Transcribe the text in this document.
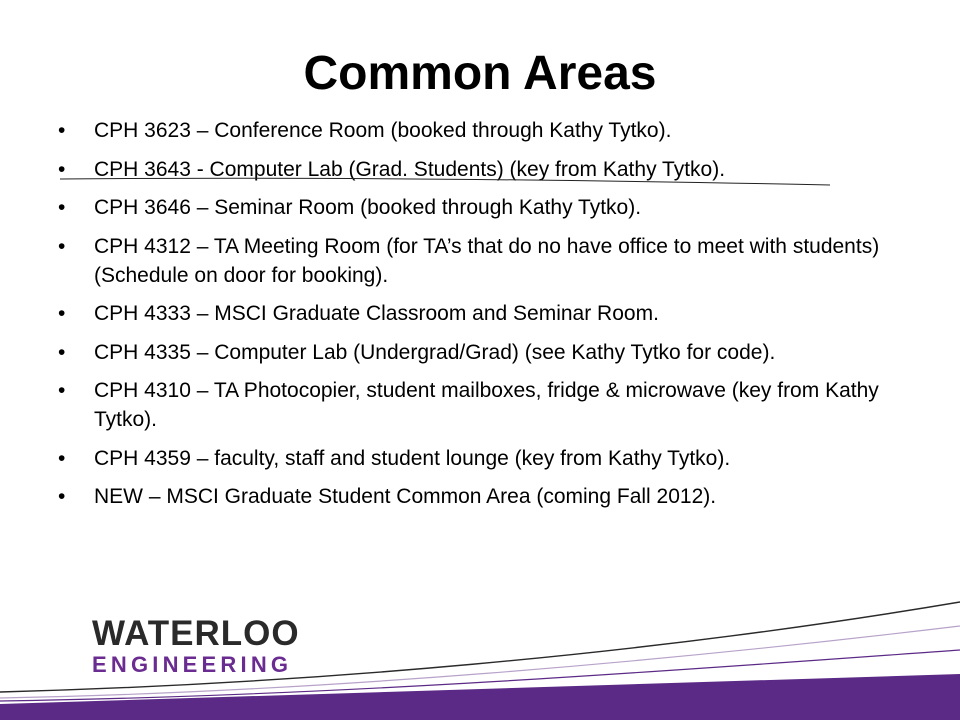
Common Areas
• CPH 3623 – Conference Room (booked through Kathy Tytko).
• CPH 3643 - Computer Lab (Grad. Students) (key from Kathy Tytko).
• CPH 3646 – Seminar Room (booked through Kathy Tytko).
• CPH 4312 – TA Meeting Room (for TA’s that do no have office to meet with students) (Schedule on door for booking).
• CPH 4333 – MSCI Graduate Classroom and Seminar Room.
• CPH 4335 – Computer Lab (Undergrad/Grad) (see Kathy Tytko for code).
• CPH 4310 – TA Photocopier, student mailboxes, fridge & microwave (key from Kathy Tytko).
• CPH 4359 – faculty, staff and student lounge (key from Kathy Tytko).
• NEW – MSCI Graduate Student Common Area (coming Fall 2012).
WATERLOO
ENGINEERING
